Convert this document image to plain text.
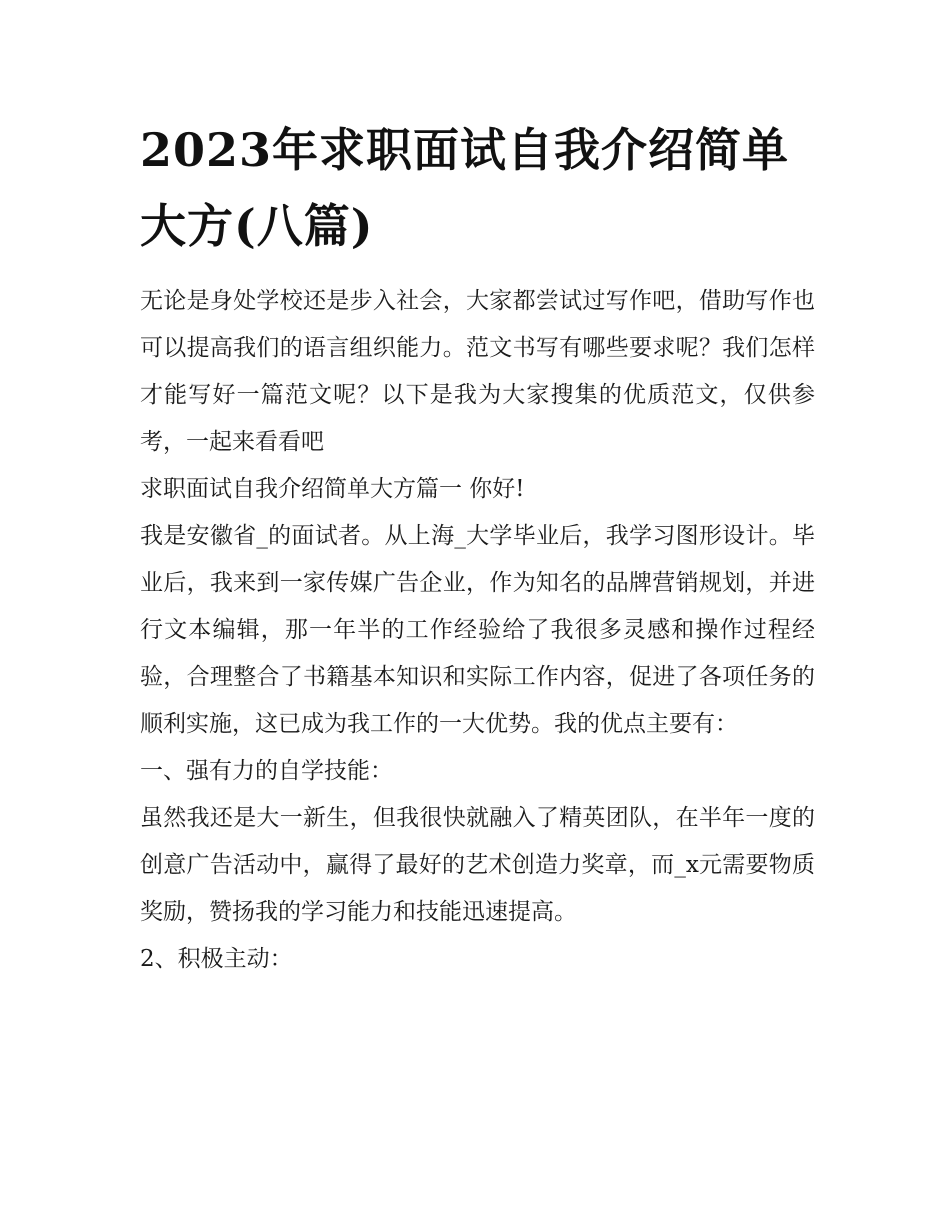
2023年求职面试自我介绍简单大方(八篇)

无论是身处学校还是步入社会，大家都尝试过写作吧，借助写作也可以提高我们的语言组织能力。范文书写有哪些要求呢？我们怎样才能写好一篇范文呢？以下是我为大家搜集的优质范文，仅供参考，一起来看看吧

求职面试自我介绍简单大方篇一 你好!

我是安徽省_的面试者。从上海_大学毕业后，我学习图形设计。毕业后，我来到一家传媒广告企业，作为知名的品牌营销规划，并进行文本编辑，那一年半的工作经验给了我很多灵感和操作过程经验，合理整合了书籍基本知识和实际工作内容，促进了各项任务的顺利实施，这已成为我工作的一大优势。我的优点主要有：

一、强有力的自学技能：

虽然我还是大一新生，但我很快就融入了精英团队，在半年一度的创意广告活动中，赢得了最好的艺术创造力奖章，而_x元需要物质奖励，赞扬我的学习能力和技能迅速提高。

2、积极主动：
